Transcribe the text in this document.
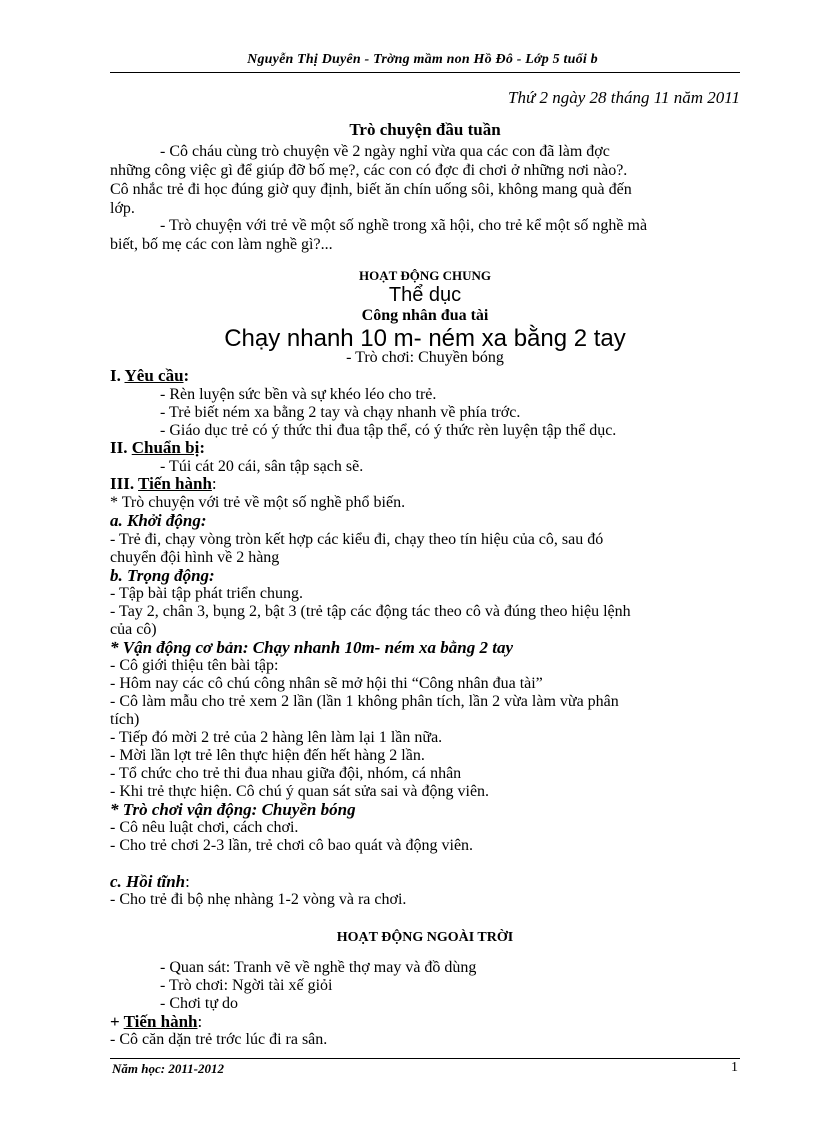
Nguyễn Thị Duyên - Trờng mầm non Hồ Đô - Lớp 5 tuổi b
Thứ 2 ngày 28 tháng 11 năm 2011
Trò chuyện đầu tuần
- Cô cháu cùng trò chuyện về 2 ngày nghỉ vừa qua các con đã làm đợc
những công việc gì để giúp đỡ bố mẹ?, các con có đợc đi chơi ở những nơi nào?.
Cô nhắc trẻ đi học đúng giờ quy định, biết ăn chín uống sôi, không mang quà đến
lớp.
- Trò chuyện với trẻ về một số nghề trong xã hội, cho trẻ kể một số nghề mà
biết, bố mẹ các con làm nghề gì?...
HOẠT ĐỘNG CHUNG
Thể dục
Công nhân đua tài
Chạy nhanh 10 m- ném xa bằng 2 tay
- Trò chơi: Chuyền bóng
I. Yêu cầu:
- Rèn luyện sức bền và sự khéo léo cho trẻ.
- Trẻ biết ném xa bằng 2 tay và chạy nhanh về phía trớc.
- Giáo dục trẻ có ý thức thi đua tập thể, có ý thức rèn luyện tập thể dục.
II. Chuẩn bị:
- Túi cát 20 cái, sân tập sạch sẽ.
III. Tiến hành:
* Trò chuyện với trẻ về một số nghề phổ biến.
a. Khởi động:
- Trẻ đi, chạy vòng tròn kết hợp các kiểu đi, chạy theo tín hiệu của cô, sau đó
chuyển đội hình về 2 hàng
b. Trọng động:
- Tập bài tập phát triển chung.
- Tay 2, chân 3, bụng 2, bật 3 (trẻ tập các động tác theo cô và đúng theo hiệu lệnh
của cô)
* Vận động cơ bản: Chạy nhanh 10m- ném xa bằng 2 tay
- Cô giới thiệu tên bài tập:
- Hôm nay các cô chú công nhân sẽ mở hội thi “Công nhân đua tài”
- Cô làm mẫu cho trẻ xem 2 lần (lần 1 không phân tích, lần 2 vừa làm vừa phân
tích)
- Tiếp đó mời 2 trẻ của 2 hàng lên làm lại 1 lần nữa.
- Mời lần lợt trẻ lên thực hiện đến hết hàng 2 lần.
- Tổ chức cho trẻ thi đua nhau giữa đội, nhóm, cá nhân
- Khi trẻ thực hiện. Cô chú ý quan sát sửa sai và động viên.
* Trò chơi vận động: Chuyền bóng
- Cô nêu luật chơi, cách chơi.
- Cho trẻ chơi 2-3 lần, trẻ chơi cô bao quát và động viên.
c. Hồi tĩnh:
- Cho trẻ đi bộ nhẹ nhàng 1-2 vòng và ra chơi.
HOẠT ĐỘNG NGOÀI TRỜI
- Quan sát: Tranh vẽ về nghề thợ may và đồ dùng
- Trò chơi: Ngời tài xế giỏi
- Chơi tự do
+ Tiến hành:
- Cô căn dặn trẻ trớc lúc đi ra sân.
Năm học: 2011-2012	1
